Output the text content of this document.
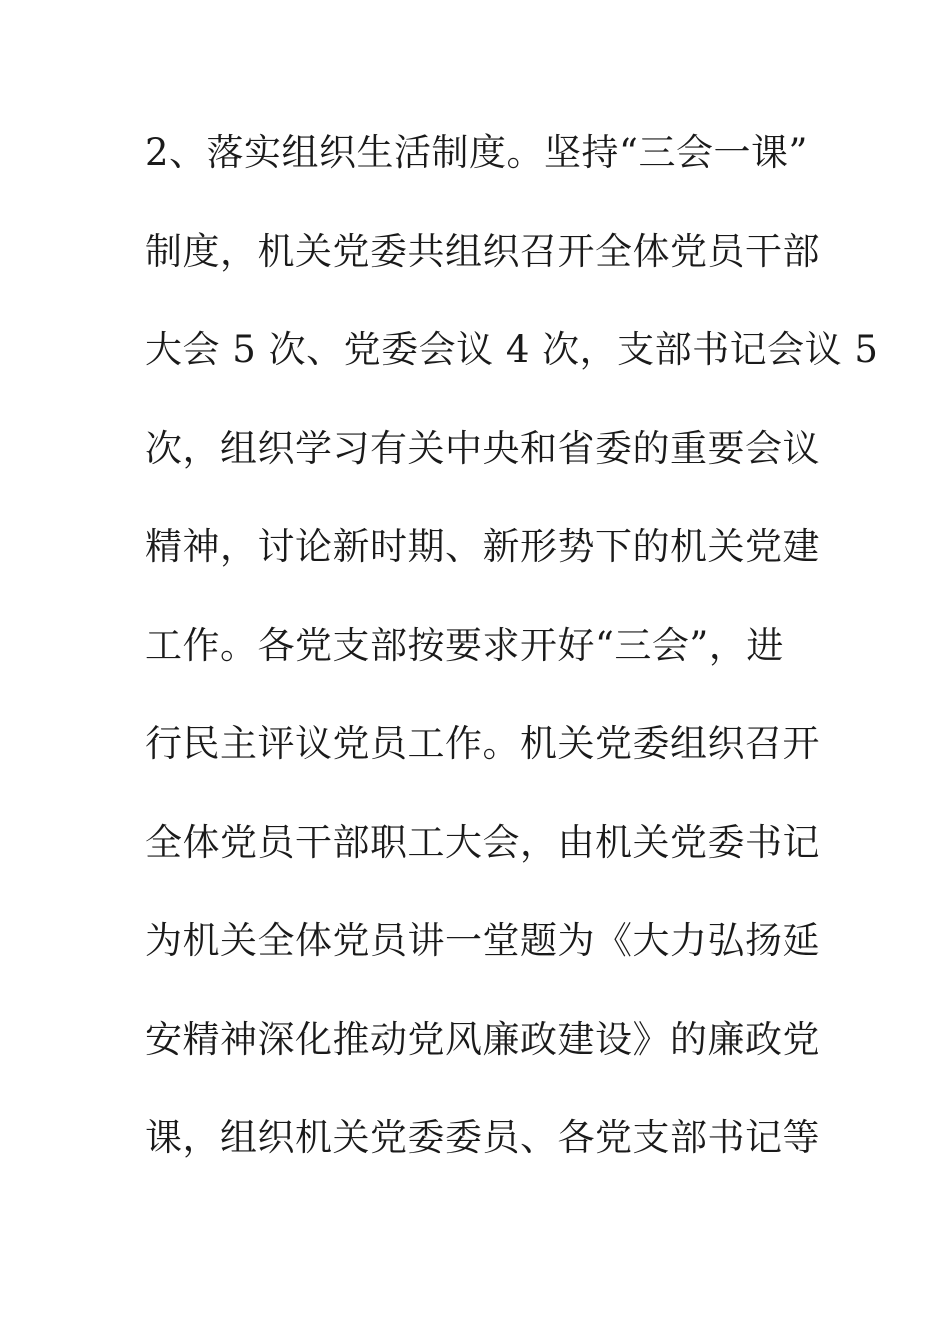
2、落实组织生活制度。坚持“三会一课”
制度，机关党委共组织召开全体党员干部
大会 5 次、党委会议 4 次，支部书记会议 5
次，组织学习有关中央和省委的重要会议
精神，讨论新时期、新形势下的机关党建
工作。各党支部按要求开好“三会”，进
行民主评议党员工作。机关党委组织召开
全体党员干部职工大会，由机关党委书记
为机关全体党员讲一堂题为《大力弘扬延
安精神深化推动党风廉政建设》的廉政党
课，组织机关党委委员、各党支部书记等
